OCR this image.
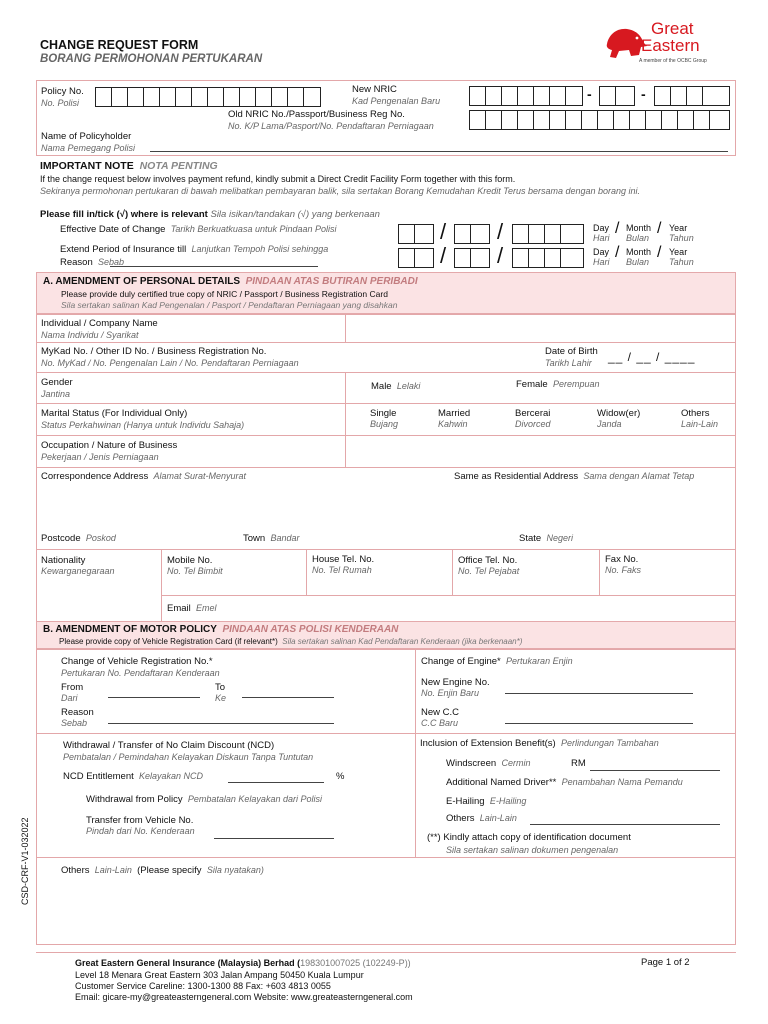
CHANGE REQUEST FORM
BORANG PERMOHONAN PERTUKARAN
Great
Eastern
A member of the OCBC Group
Policy No.
No. Polisi
New NRIC
Kad Pengenalan Baru	-	-
Old NRIC No./Passport/Business Reg No.
No. K/P Lama/Pasport/No. Pendaftaran Perniagaan
Name of Policyholder
Nama Pemegang Polisi
IMPORTANT NOTE NOTA PENTING
If the change request below involves payment refund, kindly submit a Direct Credit Facility Form together with this form.
Sekiranya permohonan pertukaran di bawah melibatkan pembayaran balik, sila sertakan Borang Kemudahan Kredit Terus bersama dengan borang ini.
Please fill in/tick (√) where is relevant Sila isikan/tandakan (√) yang berkenaan
Effective Date of Change Tarikh Berkuatkuasa untuk Pindaan Polisi
Extend Period of Insurance till Lanjutkan Tempoh Polisi sehingga
Reason Sebab
/ /
/ /
Day
Hari
/ Month
Bulan
/ Year
Tahun
Day
Hari
/ Month
Bulan
/ Year
Tahun
A. AMENDMENT OF PERSONAL DETAILS PINDAAN ATAS BUTIRAN PERIBADI
Please provide duly certified true copy of NRIC / Passport / Business Registration Card
Sila sertakan salinan Kad Pengenalan / Pasport / Pendaftaran Perniagaan yang disahkan
Individual / Company Name
Nama Individu / Syarikat
MyKad No. / Other ID No. / Business Registration No.
No. MyKad / No. Pengenalan Lain / No. Pendaftaran Perniagaan
Date of Birth
Tarikh Lahir __ / __ / ____
Gender
Jantina
Male Lelaki	Female Perempuan
Marital Status (For Individual Only)
Status Perkahwinan (Hanya untuk Individu Sahaja)
Single
Bujang
Married
Kahwin
Bercerai
Divorced
Widow(er)
Janda
Others
Lain-Lain
Occupation / Nature of Business
Pekerjaan / Jenis Perniagaan
Correspondence Address Alamat Surat-Menyurat	Same as Residential Address Sama dengan Alamat Tetap
Postcode Poskod	Town Bandar	State Negeri
Nationality
Kewarganegaraan
Mobile No.
No. Tel Bimbit
House Tel. No.
No. Tel Rumah
Office Tel. No.
No. Tel Pejabat
Fax No.
No. Faks
Email Emel
B. AMENDMENT OF MOTOR POLICY PINDAAN ATAS POLISI KENDERAAN
Please provide copy of Vehicle Registration Card (if relevant*) Sila sertakan salinan Kad Pendaftaran Kenderaan (jika berkenaan*)
Change of Vehicle Registration No.*
Pertukaran No. Pendaftaran Kenderaan
From
Dari
To
Ke
Reason
Sebab
Change of Engine* Pertukaran Enjin
New Engine No.
No. Enjin Baru
New C.C
C.C Baru
Withdrawal / Transfer of No Claim Discount (NCD)
Pembatalan / Pemindahan Kelayakan Diskaun Tanpa Tuntutan
NCD Entitlement Kelayakan NCD	%
Withdrawal from Policy Pembatalan Kelayakan dari Polisi
Transfer from Vehicle No.
Pindah dari No. Kenderaan
Inclusion of Extension Benefit(s) Perlindungan Tambahan
Windscreen Cermin	RM
Additional Named Driver** Penambahan Nama Pemandu
E-Hailing E-Hailing
Others Lain-Lain
(**) Kindly attach copy of identification document
Sila sertakan salinan dokumen pengenalan
Others Lain-Lain (Please specify Sila nyatakan)
CSD-CRF-V1-032022
Great Eastern General Insurance (Malaysia) Berhad (198301007025 (102249-P))
Level 18 Menara Great Eastern 303 Jalan Ampang 50450 Kuala Lumpur
Customer Service Careline: 1300-1300 88 Fax: +603 4813 0055
Email: gicare-my@greateasterngeneral.com Website: www.greateasterngeneral.com
Page 1 of 2
